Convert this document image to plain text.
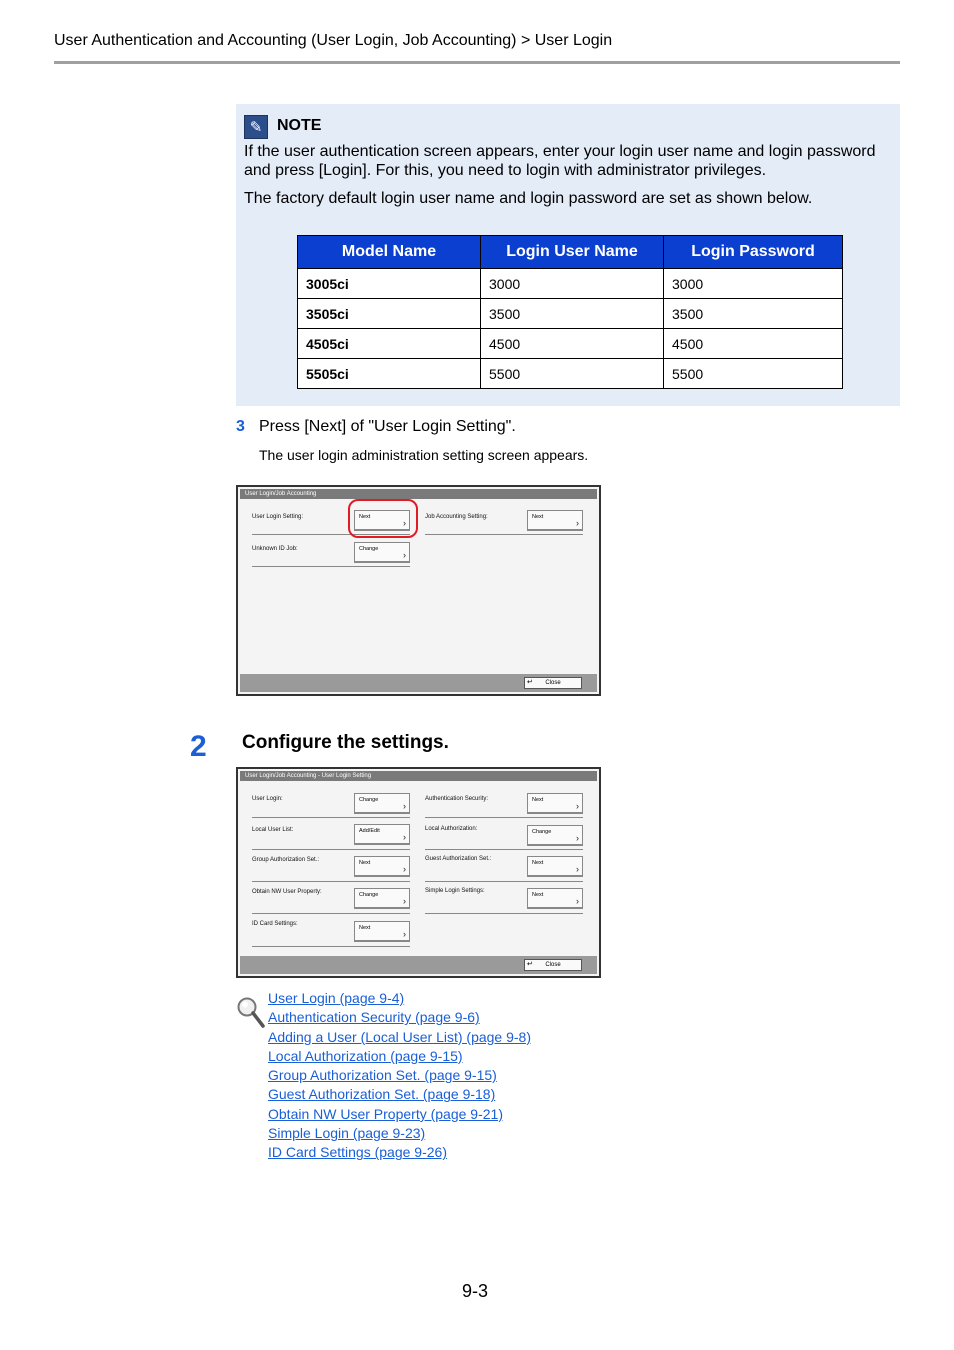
User Authentication and Accounting (User Login, Job Accounting) > User Login
✎ NOTE
If the user authentication screen appears, enter your login user name and login password and press [Login]. For this, you need to login with administrator privileges.
The factory default login user name and login password are set as shown below.
Model Name	Login User Name	Login Password
3005ci	3000	3000
3505ci	3500	3500
4505ci	4500	4500
5505ci	5500	5500
3 Press [Next] of "User Login Setting".
The user login administration setting screen appears.
User Login/Job Accounting
User Login Setting:	Next
›
Job Accounting Setting:	Next
›
Unknown ID Job:	Change
›
↵ Close
2 Configure the settings.
User Login/Job Accounting - User Login Setting
User Login:	Change
›
Authentication Security:	Next
›
Local User List:	Add/Edit
›
Local Authorization:	Change
›
Group Authorization Set.:	Next
›
Guest Authorization Set.:
Next
›
Obtain NW User Property:	Change
›
Simple Login Settings:
Next
›
ID Card Settings:
Next
›
↵ Close
User Login (page 9-4)
Authentication Security (page 9-6)
Adding a User (Local User List) (page 9-8)
Local Authorization (page 9-15)
Group Authorization Set. (page 9-15)
Guest Authorization Set. (page 9-18)
Obtain NW User Property (page 9-21)
Simple Login (page 9-23)
ID Card Settings (page 9-26)
9-3
